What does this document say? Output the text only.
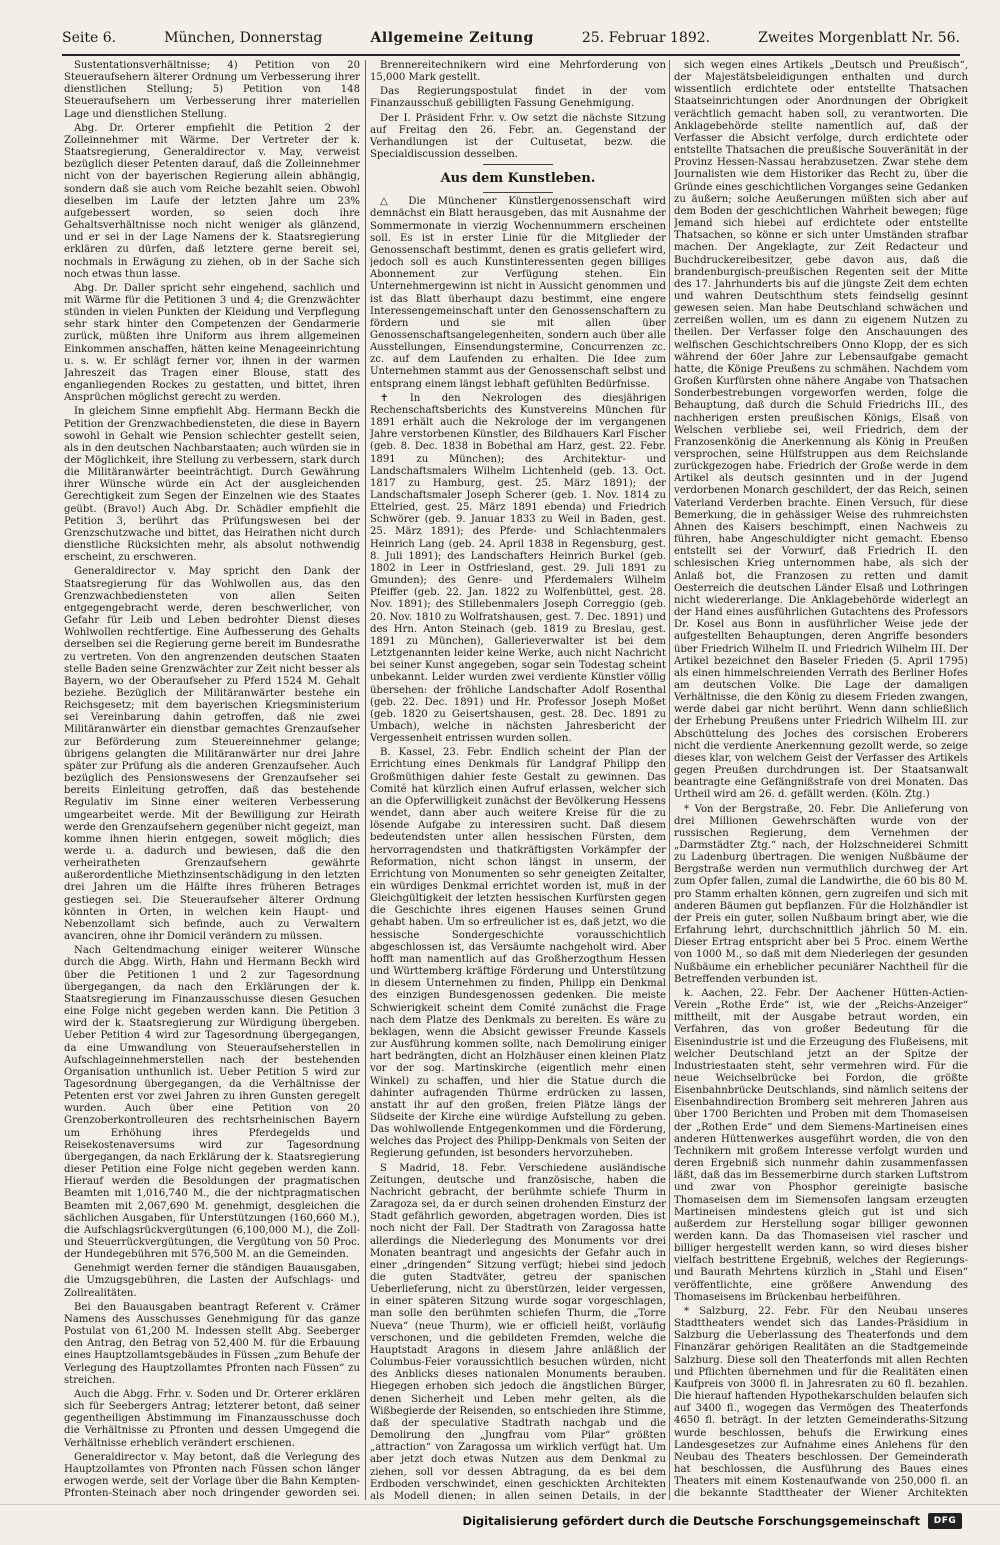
Seite 6.	München, Donnerstag	Allgemeine Zeitung	25. Februar 1892.	Zweites Morgenblatt Nr. 56.

Sustentationsverhältnisse; 4) Petition von 20 Steueraufsehern älterer Ordnung um Verbesserung ihrer dienstlichen Stellung; 5) Petition von 148 Steueraufsehern um Verbesserung ihrer materiellen Lage und dienstlichen Stellung.

Abg. Dr. Orterer empfiehlt die Petition 2 der Zolleinnehmer mit Wärme. Der Vertreter der k. Staatsregierung, Generaldirector v. May, verweist bezüglich dieser Petenten darauf, daß die Zolleinnehmer nicht von der bayerischen Regierung allein abhängig, sondern daß sie auch vom Reiche bezahlt seien. Obwohl dieselben im Laufe der letzten Jahre um 23% aufgebessert worden, so seien doch ihre Gehaltsverhältnisse noch nicht weniger als glänzend, und er sei in der Lage Namens der k. Staatsregierung erklären zu dürfen, daß letztere gerne bereit sei, nochmals in Erwägung zu ziehen, ob in der Sache sich noch etwas thun lasse.

Abg. Dr. Daller spricht sehr eingehend, sachlich und mit Wärme für die Petitionen 3 und 4; die Grenzwächter stünden in vielen Punkten der Kleidung und Verpflegung sehr stark hinter den Competenzen der Gendarmerie zurück, müßten ihre Uniform aus ihrem allgemeinen Einkommen anschaffen, hätten keine Menageeinrichtung u. s. w. Er schlägt ferner vor, ihnen in der warmen Jahreszeit das Tragen einer Blouse, statt des enganliegenden Rockes zu gestatten, und bittet, ihren Ansprüchen möglichst gerecht zu werden.

In gleichem Sinne empfiehlt Abg. Hermann Beckh die Petition der Grenzwachbediensteten, die diese in Bayern sowohl in Gehalt wie Pension schlechter gestellt seien, als in den deutschen Nachbarstaaten; auch würden sie in der Möglichkeit, ihre Stellung zu verbessern, stark durch die Militäranwärter beeinträchtigt. Durch Gewährung ihrer Wünsche würde ein Act der ausgleichenden Gerechtigkeit zum Segen der Einzelnen wie des Staates geübt. (Bravo!) Auch Abg. Dr. Schädler empfiehlt die Petition 3, berührt das Prüfungswesen bei der Grenzschutzwache und bittet, das Heirathen nicht durch dienstliche Rücksichten mehr, als absolut nothwendig erscheint, zu erschweren.

Generaldirector v. May spricht den Dank der Staatsregierung für das Wohlwollen aus, das den Grenzwachbediensteten von allen Seiten entgegengebracht werde, deren beschwerlicher, von Gefahr für Leib und Leben bedrohter Dienst dieses Wohlwollen rechtfertige. Eine Aufbesserung des Gehalts derselben sei die Regierung gerne bereit im Bundesrathe zu vertreten. Von den angrenzenden deutschen Staaten stelle Baden seine Grenzwächter zur Zeit nicht besser als Bayern, wo der Oberaufseher zu Pferd 1524 M. Gehalt beziehe. Bezüglich der Militäranwärter bestehe ein Reichsgesetz; mit dem bayerischen Kriegsministerium sei Vereinbarung dahin getroffen, daß nie zwei Militäranwärter ein dienstbar gemachtes Grenzaufseher zur Beförderung zum Steuereinnehmer gelange; übrigens gelangten die Militäranwärter nur drei Jahre später zur Prüfung als die anderen Grenzaufseher. Auch bezüglich des Pensionswesens der Grenzaufseher sei bereits Einleitung getroffen, daß das bestehende Regulativ im Sinne einer weiteren Verbesserung umgearbeitet werde. Mit der Bewilligung zur Heirath werde den Grenzaufsehern gegenüber nicht gegeizt, man komme ihnen hierin entgegen, soweit möglich; dies werde u. a. dadurch und bewiesen, daß die den verheiratheten Grenzaufsehern gewährte außerordentliche Miethzinsentschädigung in den letzten drei Jahren um die Hälfte ihres früheren Betrages gestiegen sei. Die Steueraufseher älterer Ordnung könnten in Orten, in welchen kein Haupt- und Nebenzollamt sich befinde, auch zu Verwaltern avanciren, ohne ihr Domicil verändern zu müssen.

Nach Geltendmachung einiger weiterer Wünsche durch die Abgg. Wirth, Hahn und Hermann Beckh wird über die Petitionen 1 und 2 zur Tagesordnung übergegangen, da nach den Erklärungen der k. Staatsregierung im Finanzausschusse diesen Gesuchen eine Folge nicht gegeben werden kann. Die Petition 3 wird der k. Staatsregierung zur Würdigung übergeben. Ueber Petition 4 wird zur Tagesordnung übergegangen, da eine Umwandlung von Steueraufseherstellen in Aufschlageinnehmerstellen nach der bestehenden Organisation unthunlich ist. Ueber Petition 5 wird zur Tagesordnung übergegangen, da die Verhältnisse der Petenten erst vor zwei Jahren zu ihren Gunsten geregelt wurden. Auch über eine Petition von 20 Grenzoberkontrolleuren des rechtsrheinischen Bayern um Erhöhung ihres Pferdegelds und Reisekostenaversums wird zur Tagesordnung übergegangen, da nach Erklärung der k. Staatsregierung dieser Petition eine Folge nicht gegeben werden kann. Hierauf werden die Besoldungen der pragmatischen Beamten mit 1,016,740 M., die der nichtpragmatischen Beamten mit 2,067,690 M. genehmigt, desgleichen die sächlichen Ausgaben, für Unterstützungen (160,660 M.), die Aufschlagsrückvergütungen (6,100,000 M.), die Zoll- und Steuerrückvergütungen, die Vergütung von 50 Proc. der Hundegebühren mit 576,500 M. an die Gemeinden.

Genehmigt werden ferner die ständigen Bauausgaben, die Umzugsgebühren, die Lasten der Aufschlags- und Zollrealitäten.

Bei den Bauausgaben beantragt Referent v. Crämer Namens des Ausschusses Genehmigung für das ganze Postulat von 61,200 M. Indessen stellt Abg. Seeberger den Antrag, den Betrag von 52,400 M. für die Erbauung eines Hauptzollamtsgebäudes in Füssen „zum Behufe der Verlegung des Hauptzollamtes Pfronten nach Füssen“ zu streichen.

Auch die Abgg. Frhr. v. Soden und Dr. Orterer erklären sich für Seebergers Antrag; letzterer betont, daß seiner gegentheiligen Abstimmung im Finanzausschusse doch die Verhältnisse zu Pfronten und dessen Umgegend die Verhältnisse erheblich verändert erschienen.

Generaldirector v. May betont, daß die Verlegung des Hauptzollamtes von Pfronten nach Füssen schon länger erwogen werde, seit der Vorlage über die Bahn Kempten-Pfronten-Steinach aber noch dringender geworden sei.

Brennereitechnikern wird eine Mehrforderung von 15,000 Mark gestellt.

Das Regierungspostulat findet in der vom Finanzausschuß gebilligten Fassung Genehmigung.

Der I. Präsident Frhr. v. Ow setzt die nächste Sitzung auf Freitag den 26. Febr. an. Gegenstand der Verhandlungen ist der Cultusetat, bezw. die Specialdiscussion desselben.

Aus dem Kunstleben.

△ Die Münchener Künstlergenossenschaft wird demnächst ein Blatt herausgeben, das mit Ausnahme der Sommermonate in vierzig Wochennummern erscheinen soll. Es ist in erster Linie für die Mitglieder der Genossenschaft bestimmt, denen es gratis geliefert wird, jedoch soll es auch Kunstinteressenten gegen billiges Abonnement zur Verfügung stehen. Ein Unternehmergewinn ist nicht in Aussicht genommen und ist das Blatt überhaupt dazu bestimmt, eine engere Interessengemeinschaft unter den Genossenschaftern zu fördern und sie mit allen über Genossenschaftsangelegenheiten, sondern auch über alle Ausstellungen, Einsendungstermine, Concurrenzen zc. zc. auf dem Laufenden zu erhalten. Die Idee zum Unternehmen stammt aus der Genossenschaft selbst und entsprang einem längst lebhaft gefühlten Bedürfnisse.

✝ In den Nekrologen des diesjährigen Rechenschaftsberichts des Kunstvereins München für 1891 erhält auch die Nekrologe der im vergangenen Jahre verstorbenen Künstler, des Bildhauers Karl Fischer (geb. 8. Dec. 1838 in Bobethal am Harz, gest. 22. Febr. 1891 zu München); des Architektur- und Landschaftsmalers Wilhelm Lichtenheld (geb. 13. Oct. 1817 zu Hamburg, gest. 25. März 1891); der Landschaftsmaler Joseph Scherer (geb. 1. Nov. 1814 zu Ettelried, gest. 25. März 1891 ebenda) und Friedrich Schwörer (geb. 9. Januar 1833 zu Weil in Baden, gest. 25. März 1891); des Pferde- und Schlachtenmalers Heinrich Lang (geb. 24. April 1838 in Regensburg, gest. 8. Juli 1891); des Landschafters Heinrich Burkel (geb. 1802 in Leer in Ostfriesland, gest. 29. Juli 1891 zu Gmunden); des Genre- und Pferdemalers Wilhelm Pfeiffer (geb. 22. Jan. 1822 zu Wolfenbüttel, gest. 28. Nov. 1891); des Stillebenmalers Joseph Correggio (geb. 20. Nov. 1810 zu Wolfratshausen, gest. 7. Dec. 1891) und des Hrn. Anton Steinach (geb. 1819 zu Breslau, gest. 1891 zu München), Gallerieverwalter ist bei dem Letztgenannten leider keine Werke, auch nicht Nachricht bei seiner Kunst angegeben, sogar sein Todestag scheint unbekannt. Leider wurden zwei verdiente Künstler völlig übersehen: der fröhliche Landschafter Adolf Rosenthal (geb. 22. Dec. 1891) und Hr. Professor Joseph Moßet (geb. 1820 zu Geisertshausen, gest. 28. Dec. 1891 zu Umbach), welche in nächsten Jahresbericht der Vergessenheit entrissen wurden sollen.

B. Kassel, 23. Febr. Endlich scheint der Plan der Errichtung eines Denkmals für Landgraf Philipp den Großmüthigen dahier feste Gestalt zu gewinnen. Das Comité hat kürzlich einen Aufruf erlassen, welcher sich an die Opferwilligkeit zunächst der Bevölkerung Hessens wendet, dann aber auch weitere Kreise für die zu lösende Aufgabe zu interessiren sucht. Daß diesem bedeutendsten unter allen hessischen Fürsten, dem hervorragendsten und thatkräftigsten Vorkämpfer der Reformation, nicht schon längst in unserm, der Errichtung von Monumenten so sehr geneigten Zeitalter, ein würdiges Denkmal errichtet worden ist, muß in der Gleichgültigkeit der letzten hessischen Kurfürsten gegen die Geschichte ihres eigenen Hauses seinen Grund gehabt haben. Um so erfreulicher ist es, daß jetzt, wo die hessische Sondergeschichte vorausschichtlich abgeschlossen ist, das Versäumte nachgeholt wird. Aber hofft man namentlich auf das Großherzogthum Hessen und Württemberg kräftige Förderung und Unterstützung in diesem Unternehmen zu finden, Philipp ein Denkmal des einzigen Bundesgenossen gedenken. Die meiste Schwierigkeit scheint dem Comité zunächst die Frage nach dem Platze des Denkmals zu bereiten. Es wäre zu beklagen, wenn die Absicht gewisser Freunde Kassels zur Ausführung kommen sollte, nach Demolirung einiger hart bedrängten, dicht an Holzhäuser einen kleinen Platz vor der sog. Martinskirche (eigentlich mehr einen Winkel) zu schaffen, und hier die Statue durch die dahinter aufragenden Thürme erdrücken zu lassen, anstatt ihr auf den großen, freien Plätze längs der Südseite der Kirche eine würdige Aufstellung zu geben. Das wohlwollende Entgegenkommen und die Förderung, welches das Project des Philipp-Denkmals von Seiten der Regierung gefunden, ist besonders hervorzuheben.

S Madrid, 18. Febr. Verschiedene ausländische Zeitungen, deutsche und französische, haben die Nachricht gebracht, der berühmte schiefe Thurm in Zaragoza sei, da er durch seinen drohenden Einsturz der Stadt gefährlich geworden, abgetragen worden. Dies ist noch nicht der Fall. Der Stadtrath von Zaragossa hatte allerdings die Niederlegung des Monuments vor drei Monaten beantragt und angesichts der Gefahr auch in einer „dringenden“ Sitzung verfügt; hiebei sind jedoch die guten Stadtväter, getreu der spanischen Ueberlieferung, nicht zu überstürzen, leider vergessen, in einer späteren Sitzung wurde sogar vorgeschlagen, man solle den berühmten schiefen Thurm, die „Torre Nueva“ (neue Thurm), wie er officiell heißt, vorläufig verschonen, und die gebildeten Fremden, welche die Hauptstadt Aragons in diesem Jahre anläßlich der Columbus-Feier voraussichtlich besuchen würden, nicht des Anblicks dieses nationalen Monuments berauben. Hiegegen erhoben sich jedoch die ängstlichen Bürger, denen Sicherheit und Leben mehr gelten, als die Wißbegierde der Reisenden, so entschieden ihre Stimme, daß der speculative Stadtrath nachgab und die Demolirung den „Jungfrau vom Pilar“ größten „attraction“ von Zaragossa um wirklich verfügt hat. Um aber jetzt doch etwas Nutzen aus dem Denkmal zu ziehen, soll vor dessen Abtragung, da es bei dem Erdboden verschwindet, einen geschickten Architekten als Modell dienen; in allen seinen Details, in der

sich wegen eines Artikels „Deutsch und Preußisch“, der Majestätsbeleidigungen enthalten und durch wissentlich erdichtete oder entstellte Thatsachen Staatseinrichtungen oder Anordnungen der Obrigkeit verächtlich gemacht haben soll, zu verantworten. Die Anklagebehörde stellte namentlich auf, daß der Verfasser die Absicht verfolge, durch erdichtete oder entstellte Thatsachen die preußische Souveränität in der Provinz Hessen-Nassau herabzusetzen. Zwar stehe dem Journalisten wie dem Historiker das Recht zu, über die Gründe eines geschichtlichen Vorganges seine Gedanken zu äußern; solche Aeußerungen müßten sich aber auf dem Boden der geschichtlichen Wahrheit bewegen; füge Jemand sich hiebei auf erdichtete oder entstellte Thatsachen, so könne er sich unter Umständen strafbar machen. Der Angeklagte, zur Zeit Redacteur und Buchdruckereibesitzer, gebe davon aus, daß die brandenburgisch-preußischen Regenten seit der Mitte des 17. Jahrhunderts bis auf die jüngste Zeit dem echten und wahren Deutschthum stets feindselig gesinnt gewesen seien. Man habe Deutschland schwächen und zerreißen wollen, um es dann zu eigenem Nutzen zu theilen. Der Verfasser folge den Anschauungen des welfischen Geschichtschreibers Onno Klopp, der es sich während der 60er Jahre zur Lebensaufgabe gemacht hatte, die Könige Preußens zu schmähen. Nachdem vom Großen Kurfürsten ohne nähere Angabe von Thatsachen Sonderbestrebungen vorgeworfen werden, folge die Behauptung, daß durch die Schuld Friedrichs III., des nachherigen ersten preußischen Königs, Elsaß von Welschen verbliebe sei, weil Friedrich, dem der Franzosenkönig die Anerkennung als König in Preußen versprochen, seine Hülfstruppen aus dem Reichslande zurückgezogen habe. Friedrich der Große werde in dem Artikel als deutsch gesinnten und in der Jugend verdorbenen Monarch geschildert, der das Reich, seinen Vaterland Verderben brachte. Einen Versuch, für diese Bemerkung, die in gehässiger Weise des ruhmreichsten Ahnen des Kaisers beschimpft, einen Nachweis zu führen, habe Angeschuldigter nicht gemacht. Ebenso entstellt sei der Vorwurf, daß Friedrich II. den schlesischen Krieg unternommen habe, als sich der Anlaß bot, die Franzosen zu retten und damit Oesterreich die deutschen Länder Elsaß und Lothringen nicht wiedererlange. Die Anklagebehörde widerlegt an der Hand eines ausführlichen Gutachtens des Professors Dr. Kosel aus Bonn in ausführlicher Weise jede der aufgestellten Behauptungen, deren Angriffe besonders über Friedrich Wilhelm II. und Friedrich Wilhelm III. Der Artikel bezeichnet den Baseler Frieden (5. April 1795) als einen himmelschreienden Verrath des Berliner Hofes am deutschen Volke. Die Lage der damaligen Verhältnisse, die den König zu diesem Frieden zwangen, werde dabei gar nicht berührt. Wenn dann schließlich der Erhebung Preußens unter Friedrich Wilhelm III. zur Abschüttelung des Joches des corsischen Eroberers nicht die verdiente Anerkennung gezollt werde, so zeige dieses klar, von welchem Geist der Verfasser des Artikels gegen Preußen durchdrungen ist. Der Staatsanwalt beantragte eine Gefängnißstrafe von drei Monaten. Das Urtheil wird am 26. d. gefällt werden. (Köln. Ztg.)

* Von der Bergstraße, 20. Febr. Die Anlieferung von drei Millionen Gewehrschäften wurde von der russischen Regierung, dem Vernehmen der „Darmstädter Ztg.“ nach, der Holzschneiderei Schmitt zu Ladenburg übertragen. Die wenigen Nußbäume der Bergstraße werden nun vermuthlich durchweg der Art zum Opfer fallen, zumal die Landwirthe, die 60 bis 80 M. pro Stamm erhalten können, gern zugreifen und sich mit anderen Bäumen gut bepflanzen. Für die Holzhändler ist der Preis ein guter, sollen Nußbaum bringt aber, wie die Erfahrung lehrt, durchschnittlich jährlich 50 M. ein. Dieser Ertrag entspricht aber bei 5 Proc. einem Werthe von 1000 M., so daß mit dem Niederlegen der gesunden Nußbäume ein erheblicher pecuniärer Nachtheil für die Betreffenden verbunden ist.

k. Aachen, 22. Febr. Der Aachener Hütten-Actien-Verein „Rothe Erde“ ist, wie der „Reichs-Anzeiger“ mittheilt, mit der Ausgabe betraut worden, ein Verfahren, das von großer Bedeutung für die Eisenindustrie ist und die Erzeugung des Flußeisens, mit welcher Deutschland jetzt an der Spitze der Industriestaaten steht, sehr vermehren wird. Für die neue Weichselbrücke bei Fordon, die größte Eisenbahnbrücke Deutschlands, sind nämlich seitens der Eisenbahndirection Bromberg seit mehreren Jahren aus über 1700 Berichten und Proben mit dem Thomaseisen der „Rothen Erde“ und dem Siemens-Martineisen eines anderen Hüttenwerkes ausgeführt worden, die von den Technikern mit großem Interesse verfolgt wurden und deren Ergebniß sich nunmehr dahin zusammenfassen läßt, daß das im Bessemerbirne durch starken Luftstrom und zwar von Phosphor gereinigte basische Thomaseisen dem im Siemensofen langsam erzeugten Martineisen mindestens gleich gut ist und sich außerdem zur Herstellung sogar billiger gewonnen werden kann. Da das Thomaseisen viel rascher und billiger hergestellt werden kann, so wird dieses bisher vielfach bestrittene Ergebniß, welches der Regierungs- und Baurath Mehrtens kürzlich in „Stahl und Eisen“ veröffentlichte, eine größere Anwendung des Thomaseisens im Brückenbau herbeiführen.

* Salzburg, 22. Febr. Für den Neubau unseres Stadttheaters wendet sich das Landes-Präsidium in Salzburg die Ueberlassung des Theaterfonds und dem Finanzärar gehörigen Realitäten an die Stadtgemeinde Salzburg. Diese soll den Theaterfonds mit allen Rechten und Pflichten übernehmen und für die Realitäten einen Kaufpreis von 3000 fl. in Jahresraten zu 60 fl. bezahlen. Die hierauf haftenden Hypothekarschulden belaufen sich auf 3400 fl., wogegen das Vermögen des Theaterfonds 4650 fl. beträgt. In der letzten Gemeinderaths-Sitzung wurde beschlossen, behufs die Erwirkung eines Landesgesetzes zur Aufnahme eines Anlehens für den Neubau des Theaters beschlossen. Der Gemeinderath hat beschlossen, die Ausführung des Baues eines Theaters mit einem Kostenaufwande von 250,000 fl. an die bekannte Stadttheater der Wiener Architekten

Digitalisierung gefördert durch die Deutsche Forschungsgemeinschaft	DFG
